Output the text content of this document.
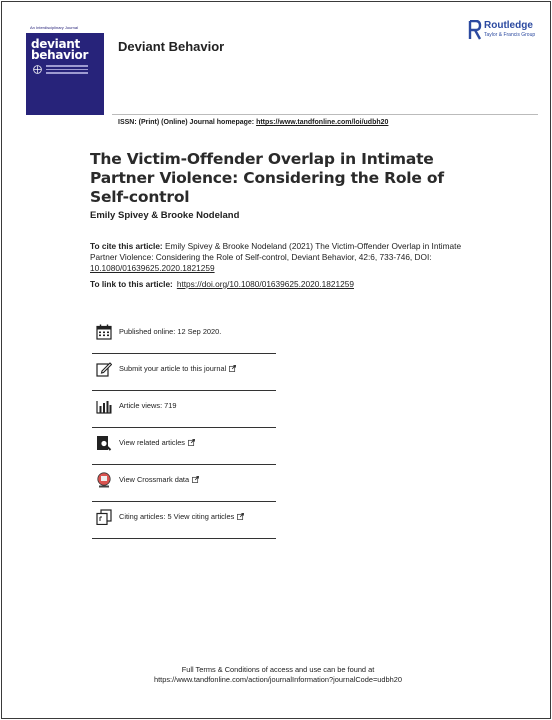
An Interdisciplinary Journal
deviant
behavior
Deviant Behavior
Routledge
Taylor & Francis Group
ISSN: (Print) (Online) Journal homepage: https://www.tandfonline.com/loi/udbh20
The Victim-Offender Overlap in Intimate Partner Violence: Considering the Role of Self-control
Emily Spivey & Brooke Nodeland
To cite this article: Emily Spivey & Brooke Nodeland (2021) The Victim-Offender Overlap in Intimate Partner Violence: Considering the Role of Self-control, Deviant Behavior, 42:6, 733-746, DOI: 10.1080/01639625.2020.1821259
To link to this article: https://doi.org/10.1080/01639625.2020.1821259
Published online: 12 Sep 2020.
Submit your article to this journal
Article views: 719
View related articles
View Crossmark data
Citing articles: 5 View citing articles
Full Terms & Conditions of access and use can be found at
https://www.tandfonline.com/action/journalInformation?journalCode=udbh20
